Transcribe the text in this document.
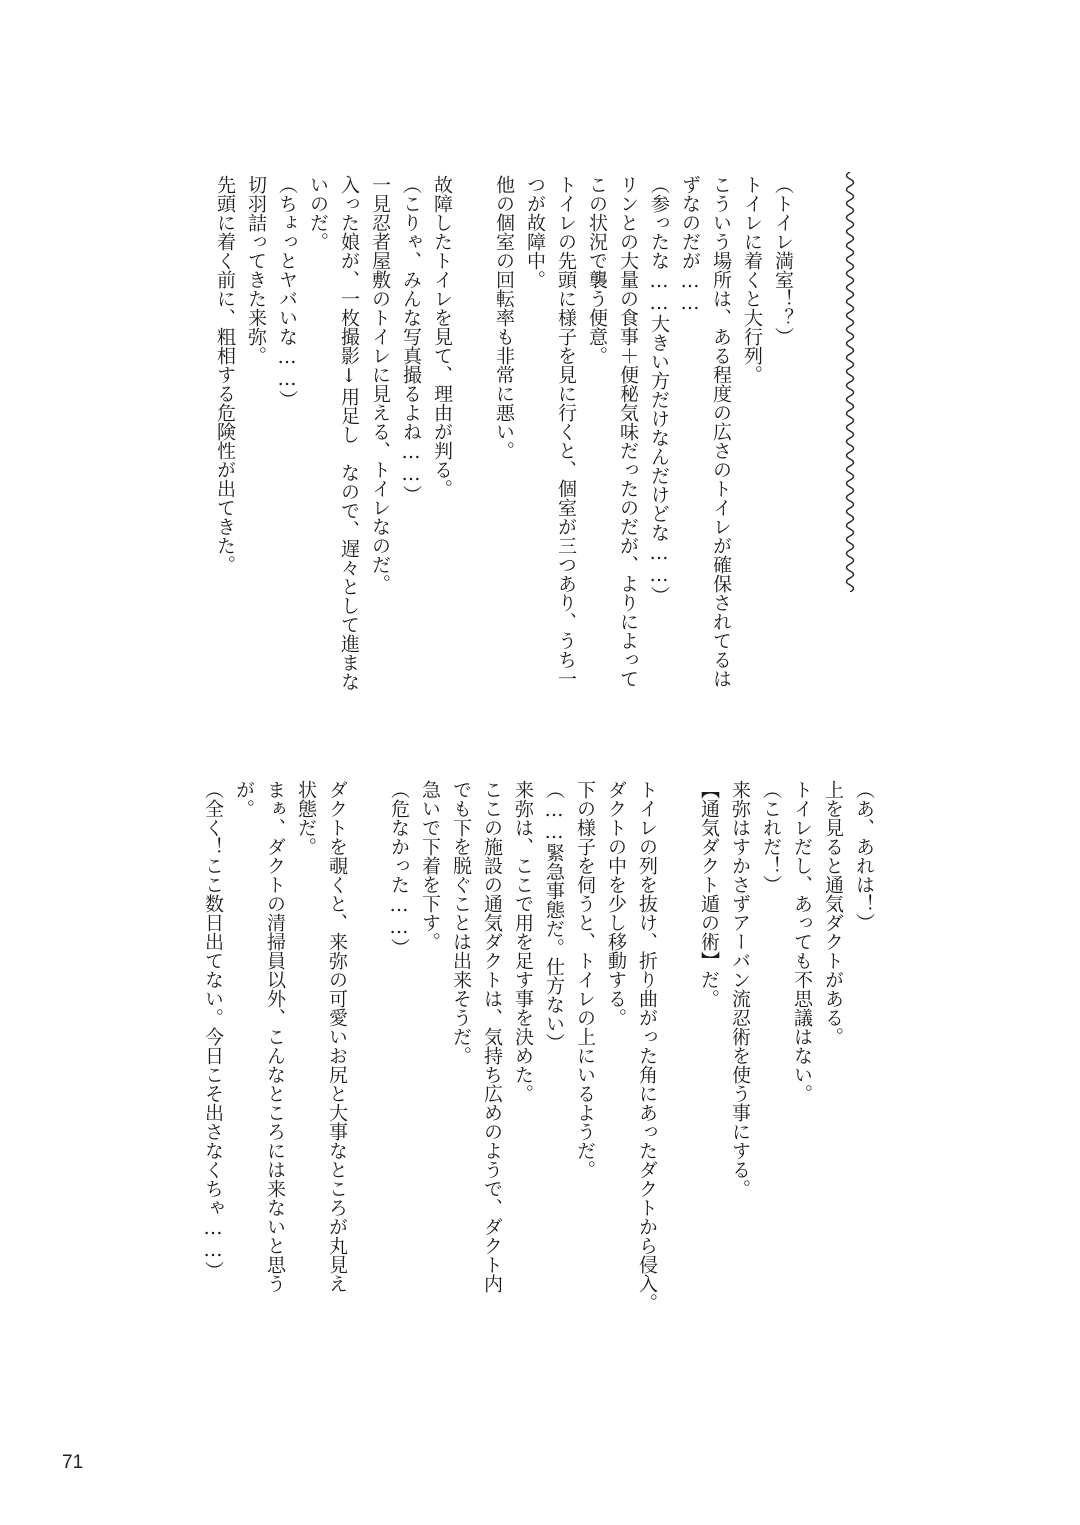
（トイレ満室！？）
トイレに着くと大行列。
こういう場所は、ある程度の広さのトイレが確保されてるは
ずなのだが……
（参ったな……大きい方だけなんだけどな……）
リンとの大量の食事＋便秘気味だったのだが、よりによって
この状況で襲う便意。
トイレの先頭に様子を見に行くと、個室が三つあり、うち一
つが故障中。
他の個室の回転率も非常に悪い。
故障したトイレを見て、理由が判る。
（こりゃ、みんな写真撮るよね……）
一見忍者屋敷のトイレに見える、トイレなのだ。
入った娘が、一枚撮影↓用足し　なので、遅々として進まな
いのだ。
（ちょっとヤバいな……）
切羽詰ってきた来弥。
先頭に着く前に、粗相する危険性が出てきた。
（あ、あれは！）
上を見ると通気ダクトがある。
トイレだし、あっても不思議はない。
（これだ！）
来弥はすかさずアーバン流忍術を使う事にする。
【通気ダクト遁の術】だ。
トイレの列を抜け、折り曲がった角にあったダクトから侵入。
ダクトの中を少し移動する。
下の様子を伺うと、トイレの上にいるようだ。
（……緊急事態だ。仕方ない）
来弥は、ここで用を足す事を決めた。
ここの施設の通気ダクトは、気持ち広めのようで、ダクト内
でも下を脱ぐことは出来そうだ。
急いで下着を下す。
（危なかった……）
ダクトを覗くと、来弥の可愛いお尻と大事なところが丸見え
状態だ。
まぁ、ダクトの清掃員以外、こんなところには来ないと思う
が。
（全く！ここ数日出てない。今日こそ出さなくちゃ……）
71
